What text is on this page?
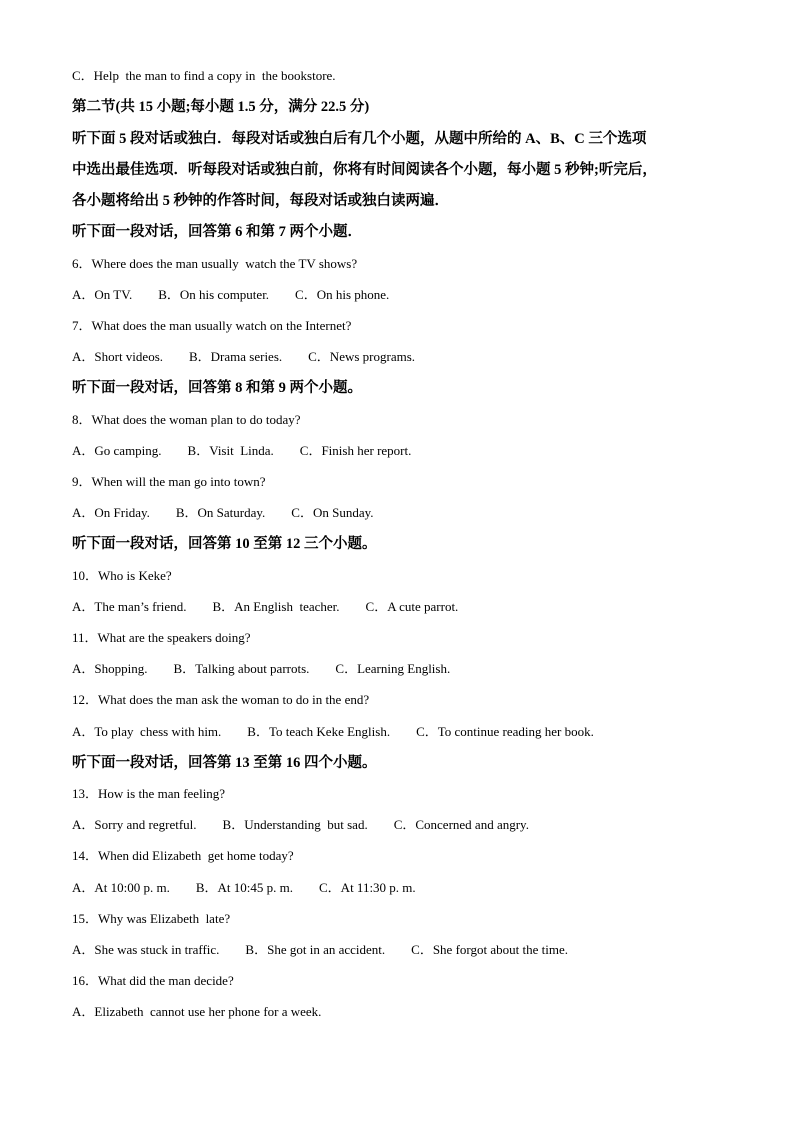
C．Help  the man to find a copy in  the bookstore.
第二节(共 15 小题;每小题 1.5 分，满分 22.5 分)
听下面 5 段对话或独白．每段对话或独白后有几个小题，从题中所给的 A、B、C 三个选项
中选出最佳选项．听每段对话或独白前，你将有时间阅读各个小题，每小题 5 秒钟;听完后，
各小题将给出 5 秒钟的作答时间，每段对话或独白读两遍．
听下面一段对话，回答第 6 和第 7 两个小题．
6．Where does the man usually  watch the TV shows?
A．On TV.        B．On his computer.        C．On his phone.
7．What does the man usually watch on the Internet?
A．Short videos.        B．Drama series.        C．News programs.
听下面一段对话，回答第 8 和第 9 两个小题。
8．What does the woman plan to do today?
A．Go camping.        B．Visit  Linda.        C．Finish her report.
9．When will the man go into town?
A．On Friday.        B．On Saturday.        C．On Sunday.
听下面一段对话，回答第 10 至第 12 三个小题。
10．Who is Keke?
A．The man’s friend.        B．An English  teacher.        C．A cute parrot.
11．What are the speakers doing?
A．Shopping.        B．Talking about parrots.        C．Learning English.
12．What does the man ask the woman to do in the end?
A．To play  chess with him.        B．To teach Keke English.        C．To continue reading her book.
听下面一段对话，回答第 13 至第 16 四个小题。
13．How is the man feeling?
A．Sorry and regretful.        B．Understanding  but sad.        C．Concerned and angry.
14．When did Elizabeth  get home today?
A．At 10:00 p. m.        B．At 10:45 p. m.        C．At 11:30 p. m.
15．Why was Elizabeth  late?
A．She was stuck in traffic.        B．She got in an accident.        C．She forgot about the time.
16．What did the man decide?
A．Elizabeth  cannot use her phone for a week.
